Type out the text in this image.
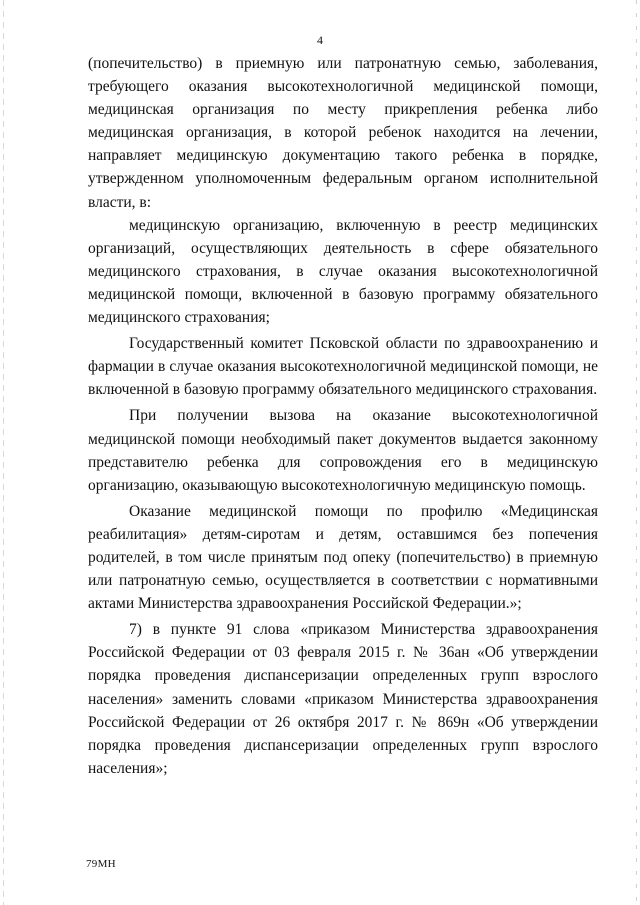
4

(попечительство) в приемную или патронатную семью, заболевания, требующего оказания высокотехнологичной медицинской помощи, медицинская организация по месту прикрепления ребенка либо медицинская организация, в которой ребенок находится на лечении, направляет медицинскую документацию такого ребенка в порядке, утвержденном уполномоченным федеральным органом исполнительной власти, в:

медицинскую организацию, включенную в реестр медицинских организаций, осуществляющих деятельность в сфере обязательного медицинского страхования, в случае оказания высокотехнологичной медицинской помощи, включенной в базовую программу обязательного медицинского страхования;

Государственный комитет Псковской области по здравоохранению и фармации в случае оказания высокотехнологичной медицинской помощи, не включенной в базовую программу обязательного медицинского страхования.

При получении вызова на оказание высокотехнологичной медицинской помощи необходимый пакет документов выдается законному представителю ребенка для сопровождения его в медицинскую организацию, оказывающую высокотехнологичную медицинскую помощь.

Оказание медицинской помощи по профилю «Медицинская реабилитация» детям-сиротам и детям, оставшимся без попечения родителей, в том числе принятым под опеку (попечительство) в приемную или патронатную семью, осуществляется в соответствии с нормативными актами Министерства здравоохранения Российской Федерации.»;

7) в пункте 91 слова «приказом Министерства здравоохранения Российской Федерации от 03 февраля 2015 г. № 36ан «Об утверждении порядка проведения диспансеризации определенных групп взрослого населения» заменить словами «приказом Министерства здравоохранения Российской Федерации от 26 октября 2017 г. № 869н «Об утверждении порядка проведения диспансеризации определенных групп взрослого населения»;

79МН
